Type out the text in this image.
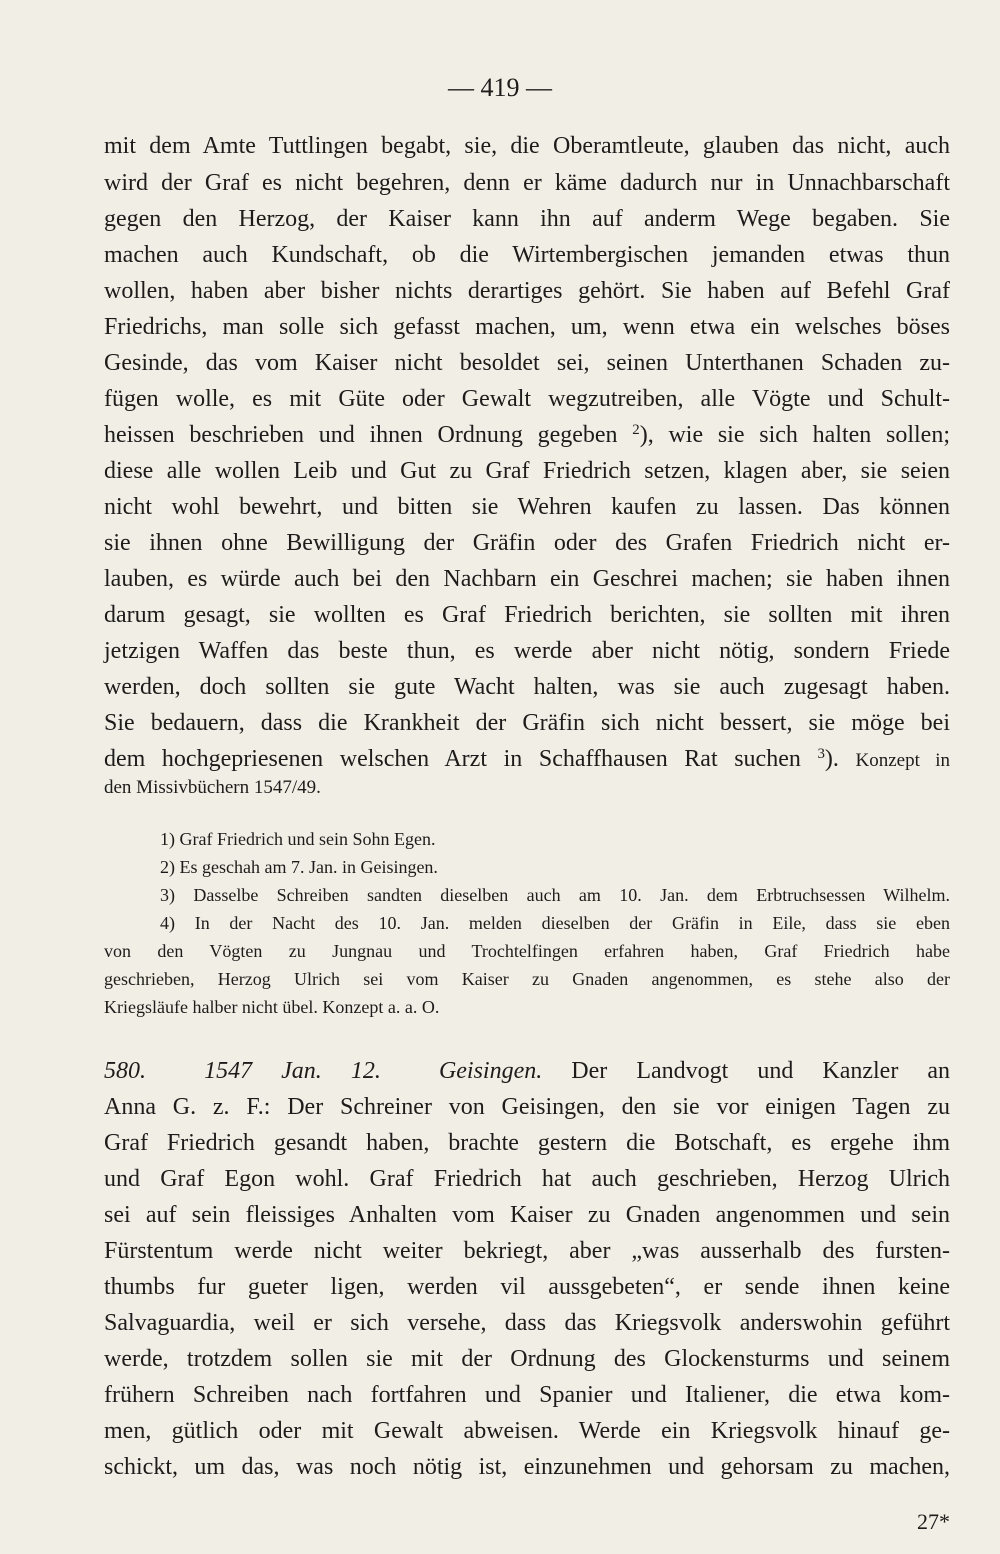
— 419 —
mit dem Amte Tuttlingen begabt, sie, die Oberamtleute, glauben das nicht, auch
wird der Graf es nicht begehren, denn er käme dadurch nur in Unnachbarschaft
gegen den Herzog, der Kaiser kann ihn auf anderm Wege begaben. Sie
machen auch Kundschaft, ob die Wirtembergischen jemanden etwas thun
wollen, haben aber bisher nichts derartiges gehört. Sie haben auf Befehl Graf
Friedrichs, man solle sich gefasst machen, um, wenn etwa ein welsches böses
Gesinde, das vom Kaiser nicht besoldet sei, seinen Unterthanen Schaden zu-
fügen wolle, es mit Güte oder Gewalt wegzutreiben, alle Vögte und Schult-
heissen beschrieben und ihnen Ordnung gegeben $^2$), wie sie sich halten sollen;
diese alle wollen Leib und Gut zu Graf Friedrich setzen, klagen aber, sie seien
nicht wohl bewehrt, und bitten sie Wehren kaufen zu lassen. Das können
sie ihnen ohne Bewilligung der Gräfin oder des Grafen Friedrich nicht er-
lauben, es würde auch bei den Nachbarn ein Geschrei machen; sie haben ihnen
darum gesagt, sie wollten es Graf Friedrich berichten, sie sollten mit ihren
jetzigen Waffen das beste thun, es werde aber nicht nötig, sondern Friede
werden, doch sollten sie gute Wacht halten, was sie auch zugesagt haben.
Sie bedauern, dass die Krankheit der Gräfin sich nicht bessert, sie möge bei
dem hochgepriesenen welschen Arzt in Schaffhausen Rat suchen $^3$). Konzept in
den Missivbüchern 1547/49.
1) Graf Friedrich und sein Sohn Egen.
2) Es geschah am 7. Jan. in Geisingen.
3) Dasselbe Schreiben sandten dieselben auch am 10. Jan. dem Erbtruchsessen Wilhelm.
4) In der Nacht des 10. Jan. melden dieselben der Gräfin in Eile, dass sie eben
von den Vögten zu Jungnau und Trochtelfingen erfahren haben, Graf Friedrich habe
geschrieben, Herzog Ulrich sei vom Kaiser zu Gnaden angenommen, es stehe also der
Kriegsläufe halber nicht übel. Konzept a. a. O.
580. 1547 Jan. 12. Geisingen. Der Landvogt und Kanzler an
Anna G. z. F.: Der Schreiner von Geisingen, den sie vor einigen Tagen zu
Graf Friedrich gesandt haben, brachte gestern die Botschaft, es ergehe ihm
und Graf Egon wohl. Graf Friedrich hat auch geschrieben, Herzog Ulrich
sei auf sein fleissiges Anhalten vom Kaiser zu Gnaden angenommen und sein
Fürstentum werde nicht weiter bekriegt, aber „was ausserhalb des fursten-
thumbs fur gueter ligen, werden vil aussgebeten“, er sende ihnen keine
Salvaguardia, weil er sich versehe, dass das Kriegsvolk anderswohin geführt
werde, trotzdem sollen sie mit der Ordnung des Glockensturms und seinem
frühern Schreiben nach fortfahren und Spanier und Italiener, die etwa kom-
men, gütlich oder mit Gewalt abweisen. Werde ein Kriegsvolk hinauf ge-
schickt, um das, was noch nötig ist, einzunehmen und gehorsam zu machen,
27*
